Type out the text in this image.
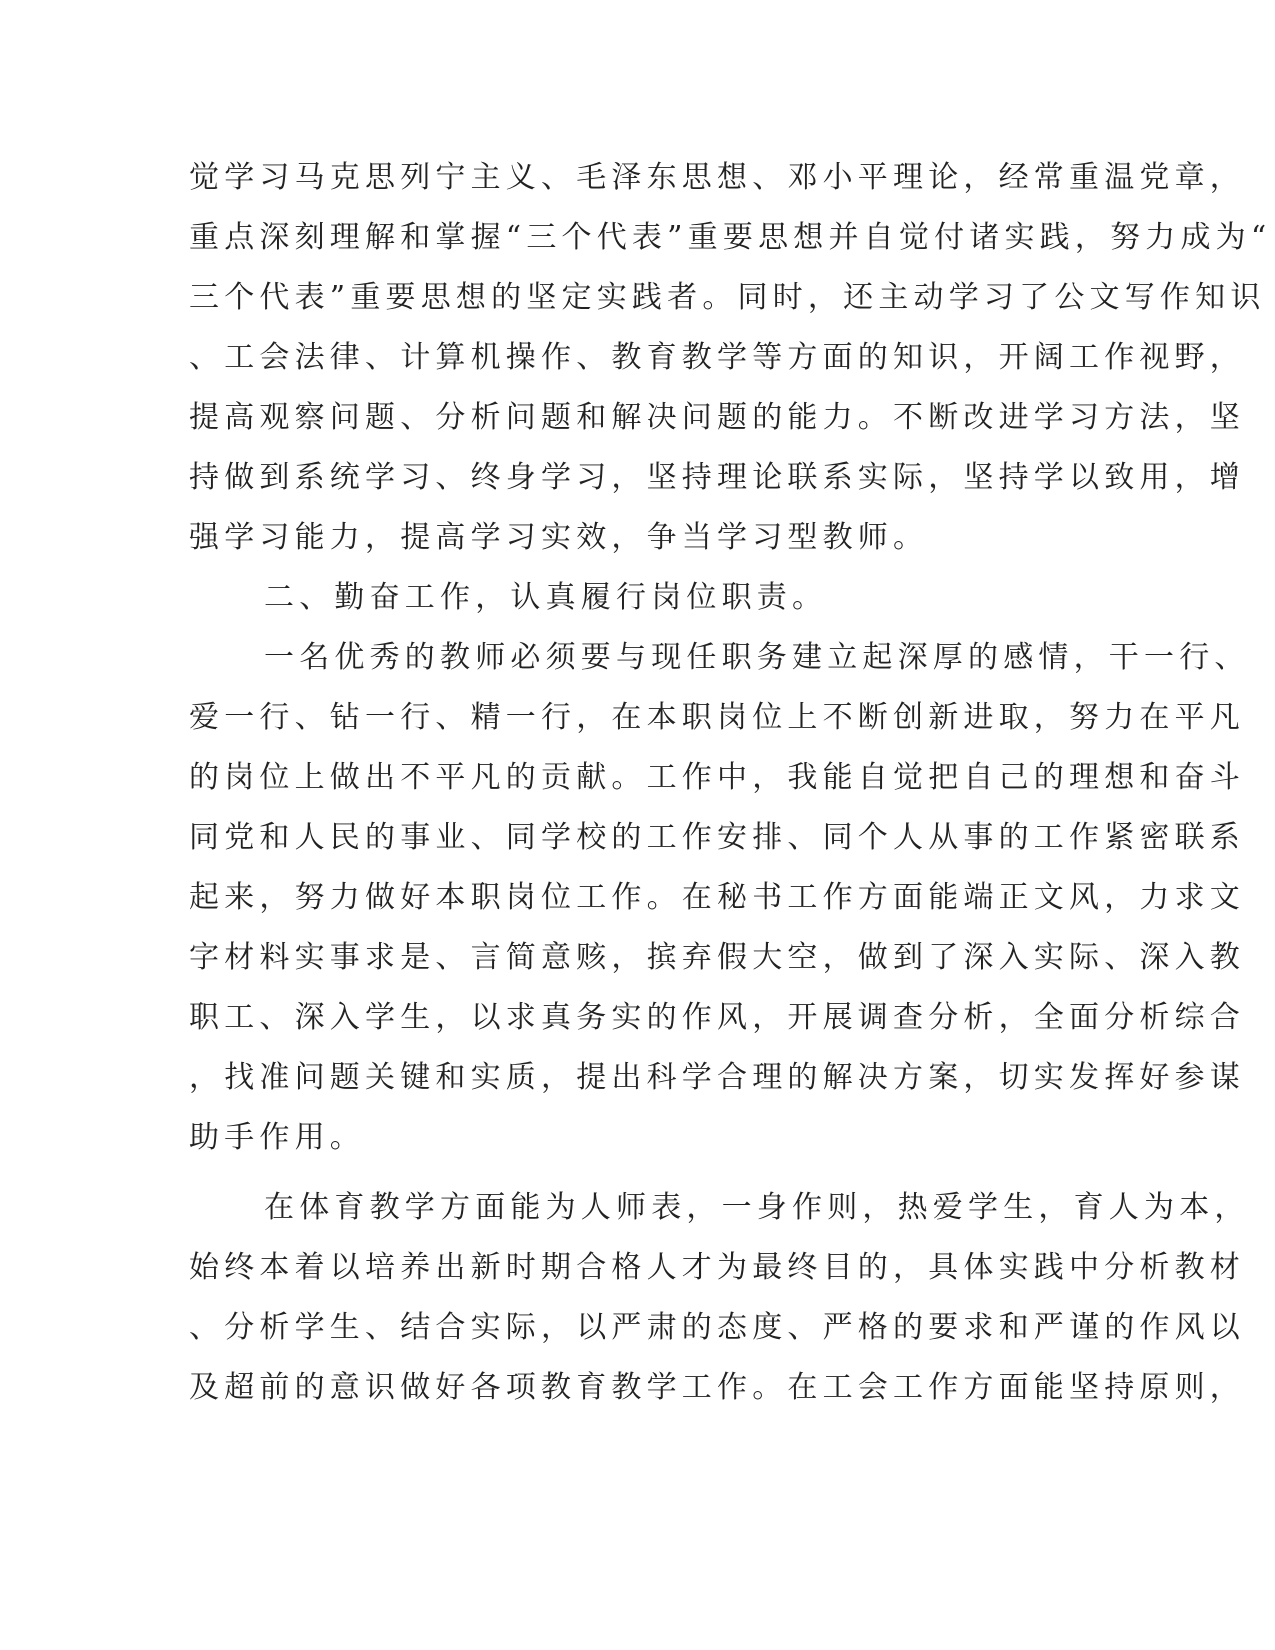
觉学习马克思列宁主义、毛泽东思想、邓小平理论，经常重温党章，
重点深刻理解和掌握“三个代表”重要思想并自觉付诸实践，努力成为“
三个代表”重要思想的坚定实践者。同时，还主动学习了公文写作知识
、工会法律、计算机操作、教育教学等方面的知识，开阔工作视野，
提高观察问题、分析问题和解决问题的能力。不断改进学习方法，坚
持做到系统学习、终身学习，坚持理论联系实际，坚持学以致用，增
强学习能力，提高学习实效，争当学习型教师。
二、勤奋工作，认真履行岗位职责。
一名优秀的教师必须要与现任职务建立起深厚的感情，干一行、
爱一行、钻一行、精一行，在本职岗位上不断创新进取，努力在平凡
的岗位上做出不平凡的贡献。工作中，我能自觉把自己的理想和奋斗
同党和人民的事业、同学校的工作安排、同个人从事的工作紧密联系
起来，努力做好本职岗位工作。在秘书工作方面能端正文风，力求文
字材料实事求是、言简意赅，摈弃假大空，做到了深入实际、深入教
职工、深入学生，以求真务实的作风，开展调查分析，全面分析综合
，找准问题关键和实质，提出科学合理的解决方案，切实发挥好参谋
助手作用。
在体育教学方面能为人师表，一身作则，热爱学生，育人为本，
始终本着以培养出新时期合格人才为最终目的，具体实践中分析教材
、分析学生、结合实际，以严肃的态度、严格的要求和严谨的作风以
及超前的意识做好各项教育教学工作。在工会工作方面能坚持原则，
